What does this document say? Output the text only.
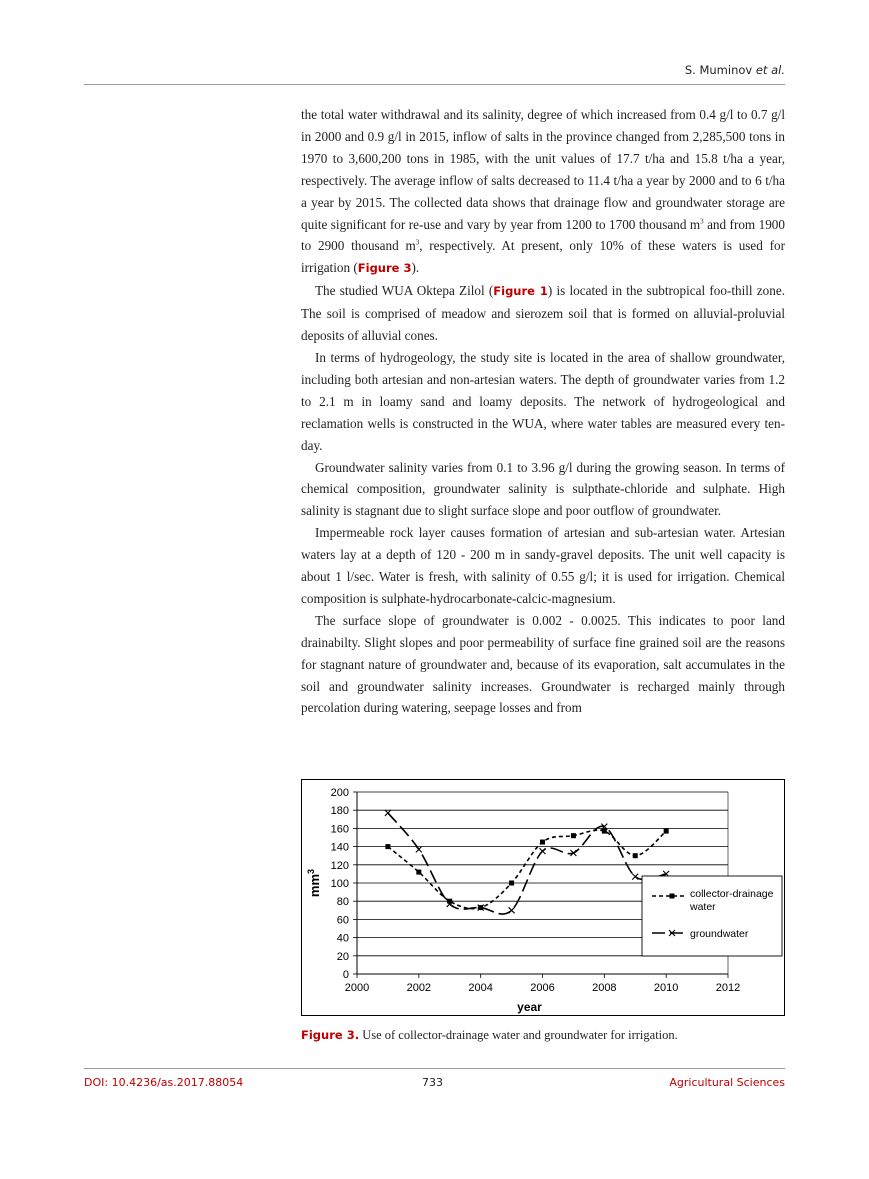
S. Muminov et al.

the total water withdrawal and its salinity, degree of which increased from 0.4 g/l to 0.7 g/l in 2000 and 0.9 g/l in 2015, inflow of salts in the province changed from 2,285,500 tons in 1970 to 3,600,200 tons in 1985, with the unit values of 17.7 t/ha and 15.8 t/ha a year, respectively. The average inflow of salts decreased to 11.4 t/ha a year by 2000 and to 6 t/ha a year by 2015. The collected data shows that drainage flow and groundwater storage are quite significant for re-use and vary by year from 1200 to 1700 thousand $m^3$ and from 1900 to 2900 thousand $m^3$, respectively. At present, only 10% of these waters is used for irrigation (Figure 3).

The studied WUA Oktepa Zilol (Figure 1) is located in the subtropical foo-thill zone. The soil is comprised of meadow and sierozem soil that is formed on alluvial-proluvial deposits of alluvial cones.

In terms of hydrogeology, the study site is located in the area of shallow groundwater, including both artesian and non-artesian waters. The depth of groundwater varies from 1.2 to 2.1 m in loamy sand and loamy deposits. The network of hydrogeological and reclamation wells is constructed in the WUA, where water tables are measured every ten-day.

Groundwater salinity varies from 0.1 to 3.96 g/l during the growing season. In terms of chemical composition, groundwater salinity is sulpthate-chloride and sulphate. High salinity is stagnant due to slight surface slope and poor outflow of groundwater.

Impermeable rock layer causes formation of artesian and sub-artesian water. Artesian waters lay at a depth of 120 - 200 m in sandy-gravel deposits. The unit well capacity is about 1 l/sec. Water is fresh, with salinity of 0.55 g/l; it is used for irrigation. Chemical composition is sulphate-hydrocarbonate-calcic-magnesium.

The surface slope of groundwater is 0.002 - 0.0025. This indicates to poor land drainabilty. Slight slopes and poor permeability of surface fine grained soil are the reasons for stagnant nature of groundwater and, because of its evaporation, salt accumulates in the soil and groundwater salinity increases. Groundwater is recharged mainly through percolation during watering, seepage losses and from

0
20
40
60
80
100
120
140
160
180
200
2000	2002	2004	2006	2008	2010	2012
year
$mm^3$
collector-drainage water
groundwater
Figure 3. Use of collector-drainage water and groundwater for irrigation.
DOI: 10.4236/as.2017.88054	733	Agricultural Sciences
